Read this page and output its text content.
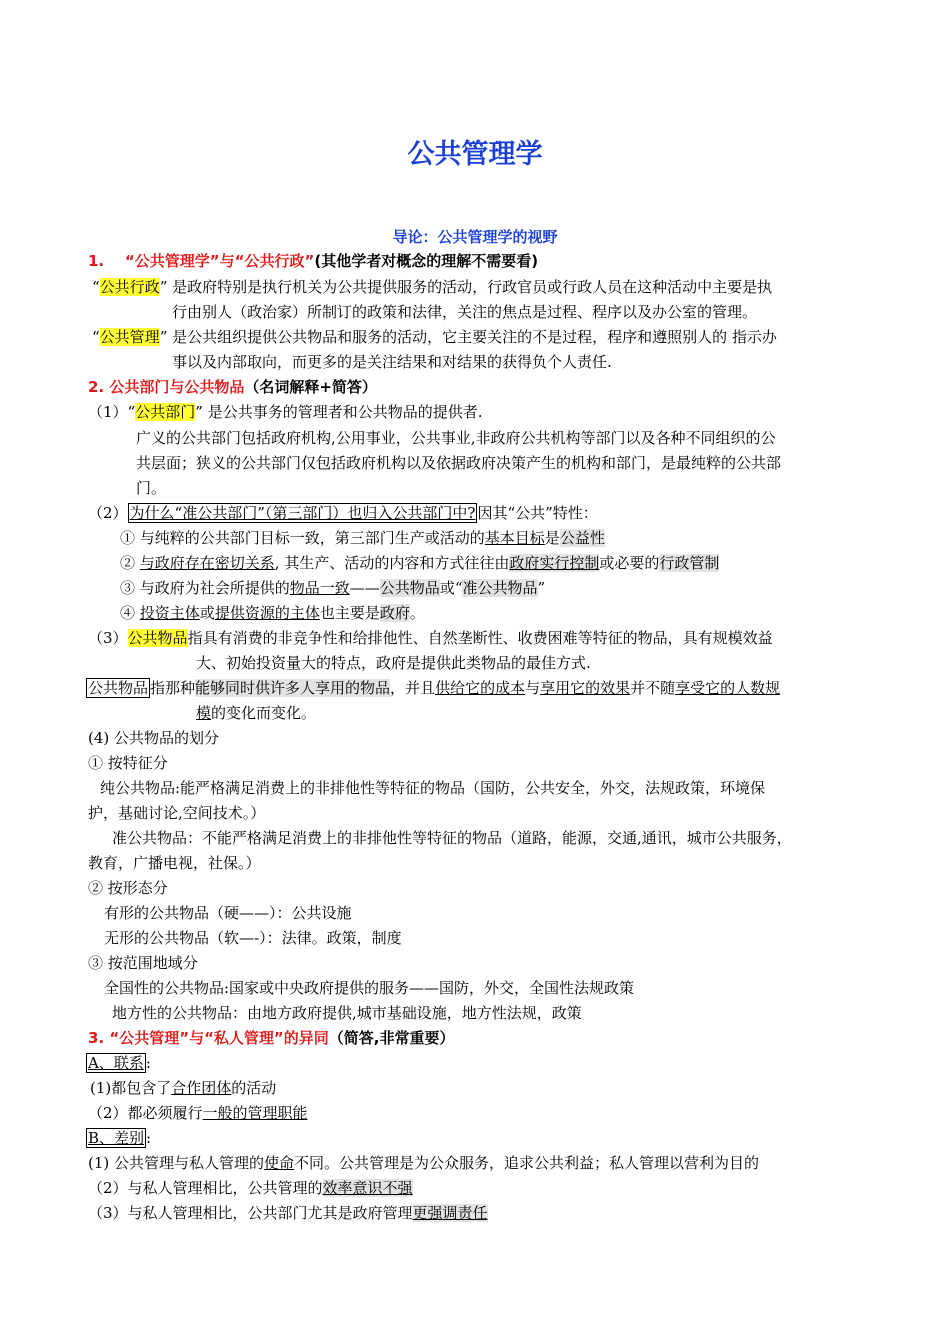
公共管理学
导论：公共管理学的视野
1. “公共管理学”与“公共行政”(其他学者对概念的理解不需要看)
“公共行政” 是政府特别是执行机关为公共提供服务的活动，行政官员或行政人员在这种活动中主要是执
行由别人（政治家）所制订的政策和法律，关注的焦点是过程、程序以及办公室的管理。
“公共管理” 是公共组织提供公共物品和服务的活动，它主要关注的不是过程，程序和遵照别人的 指示办
事以及内部取向，而更多的是关注结果和对结果的获得负个人责任.
2. 公共部门与公共物品（名词解释+简答）
（1）“公共部门” 是公共事务的管理者和公共物品的提供者.
广义的公共部门包括政府机构,公用事业，公共事业,非政府公共机构等部门以及各种不同组织的公
共层面；狭义的公共部门仅包括政府机构以及依据政府决策产生的机构和部门，是最纯粹的公共部
门。
（2） 为什么“准公共部门”（第三部门）也归入公共部门中? 因其“公共”特性：
① 与纯粹的公共部门目标一致，第三部门生产或活动的基本目标是公益性
② 与政府存在密切关系, 其生产、活动的内容和方式往往由政府实行控制或必要的行政管制
③ 与政府为社会所提供的物品一致——公共物品或“准公共物品”
④ 投资主体或提供资源的主体也主要是政府。
（3）公共物品指具有消费的非竞争性和给排他性、自然垄断性、收费困难等特征的物品，具有规模效益
大、初始投资量大的特点，政府是提供此类物品的最佳方式.
公共物品 指那种能够同时供许多人享用的物品，并且供给它的成本与享用它的效果并不随享受它的人数规
模的变化而变化。
(4) 公共物品的划分
① 按特征分
纯公共物品:能严格满足消费上的非排他性等特征的物品（国防，公共安全，外交，法规政策，环境保
护，基础讨论,空间技术。）
准公共物品：不能严格满足消费上的非排他性等特征的物品（道路，能源，交通,通讯，城市公共服务，
教育，广播电视，社保。）
② 按形态分
有形的公共物品（硬——）：公共设施
无形的公共物品（软—-）：法律。政策，制度
③ 按范围地域分
全国性的公共物品:国家或中央政府提供的服务——国防，外交，全国性法规政策
地方性的公共物品：由地方政府提供,城市基础设施，地方性法规，政策
3. “公共管理”与“私人管理”的异同（简答,非常重要）
A、联系 :
(1)都包含了合作团体的活动
（2）都必须履行一般的管理职能
B、差别 :
(1) 公共管理与私人管理的使命不同。公共管理是为公众服务，追求公共利益；私人管理以营利为目的
（2）与私人管理相比，公共管理的效率意识不强
（3）与私人管理相比，公共部门尤其是政府管理更强调责任
